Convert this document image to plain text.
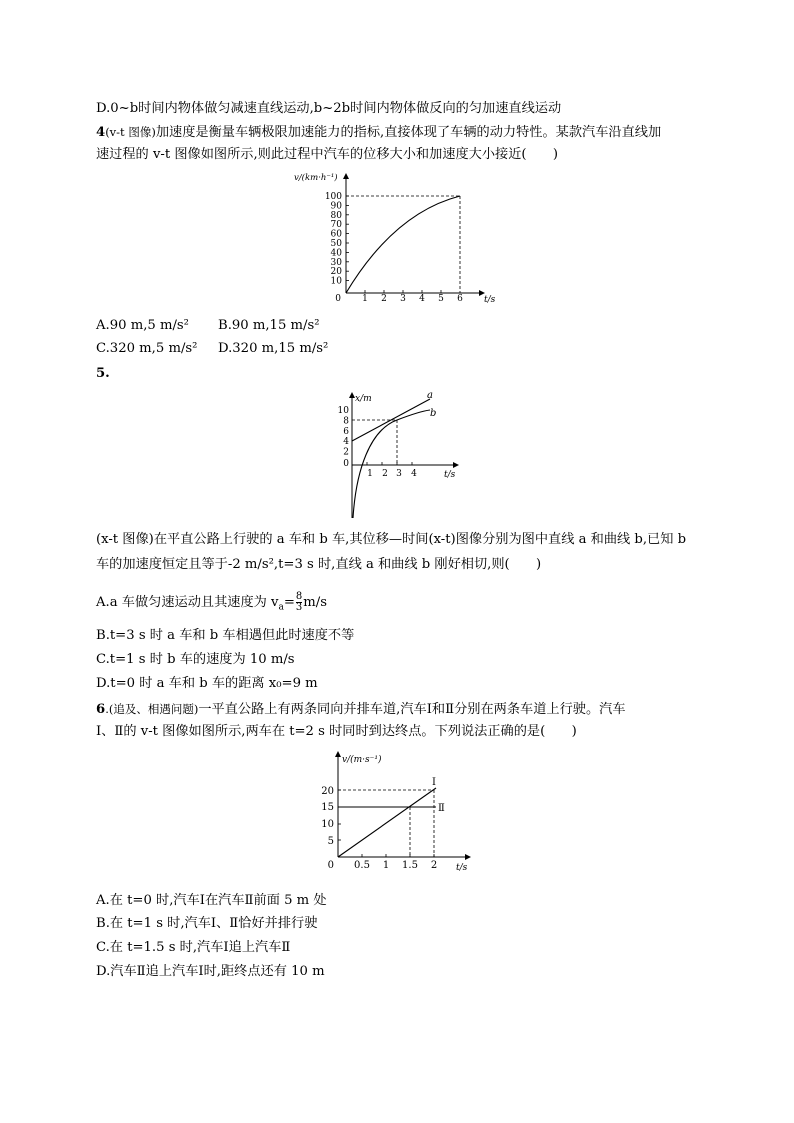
D.0~b时间内物体做匀减速直线运动,b~2b时间内物体做反向的匀加速直线运动
4(v-t 图像)加速度是衡量车辆极限加速能力的指标,直接体现了车辆的动力特性。某款汽车沿直线加
速过程的 v-t 图像如图所示,则此过程中汽车的位移大小和加速度大小接近(　　)
v/(km·h⁻¹)
t/s
100
90
80
70
60
50
40
30
20
10
0 1 2 3 4 5 6
A.90 m,5 m/s² B.90 m,15 m/s²
C.320 m,5 m/s² D.320 m,15 m/s²
5.
x/m
t/s
10
8
6
4
2
0
1 2 3 4
a
b
(x-t 图像)在平直公路上行驶的 a 车和 b 车,其位移—时间(x-t)图像分别为图中直线 a 和曲线 b,已知 b
车的加速度恒定且等于-2 m/s²,t=3 s 时,直线 a 和曲线 b 刚好相切,则(　　)
A.a 车做匀速运动且其速度为 $v_a= \frac{8}{3} m/s$
B.t=3 s 时 a 车和 b 车相遇但此时速度不等
C.t=1 s 时 b 车的速度为 10 m/s
D.t=0 时 a 车和 b 车的距离 x₀=9 m
6.(追及、相遇问题)一平直公路上有两条同向并排车道,汽车Ⅰ和Ⅱ分别在两条车道上行驶。汽车
Ⅰ、Ⅱ的 v-t 图像如图所示,两车在 t=2 s 时同时到达终点。下列说法正确的是(　　)
v/(m·s⁻¹)
t/s
20
15
10
5
0 0.5 1 1.5 2
Ⅰ
Ⅱ
A.在 t=0 时,汽车Ⅰ在汽车Ⅱ前面 5 m 处
B.在 t=1 s 时,汽车Ⅰ、Ⅱ恰好并排行驶
C.在 t=1.5 s 时,汽车Ⅰ追上汽车Ⅱ
D.汽车Ⅱ追上汽车Ⅰ时,距终点还有 10 m
